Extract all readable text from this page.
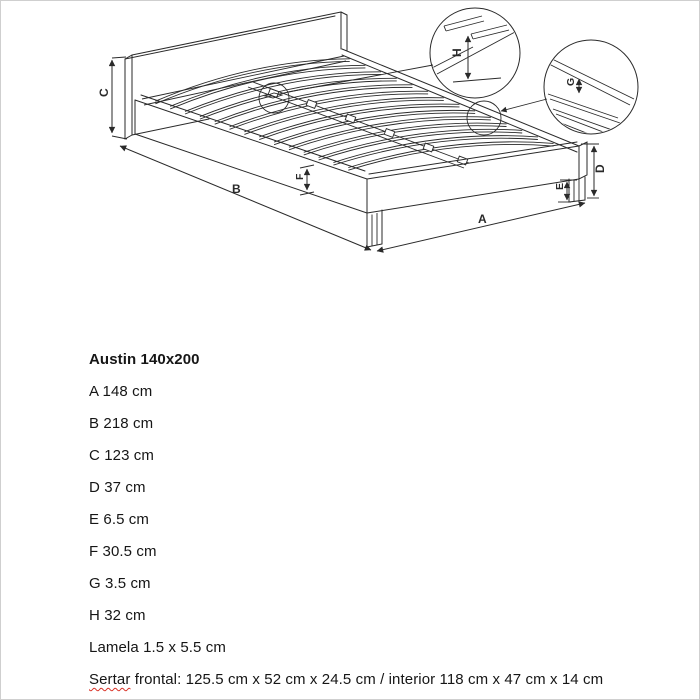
H
G
C
B
F
A
D
E

Austin 140x200

A 148 cm

B 218 cm

C 123 cm

D 37 cm

E 6.5 cm

F 30.5 cm

G 3.5 cm

H 32 cm

Lamela 1.5 x 5.5 cm

Sertar frontal: 125.5 cm x 52 cm x 24.5 cm / interior 118 cm x 47 cm x 14 cm
